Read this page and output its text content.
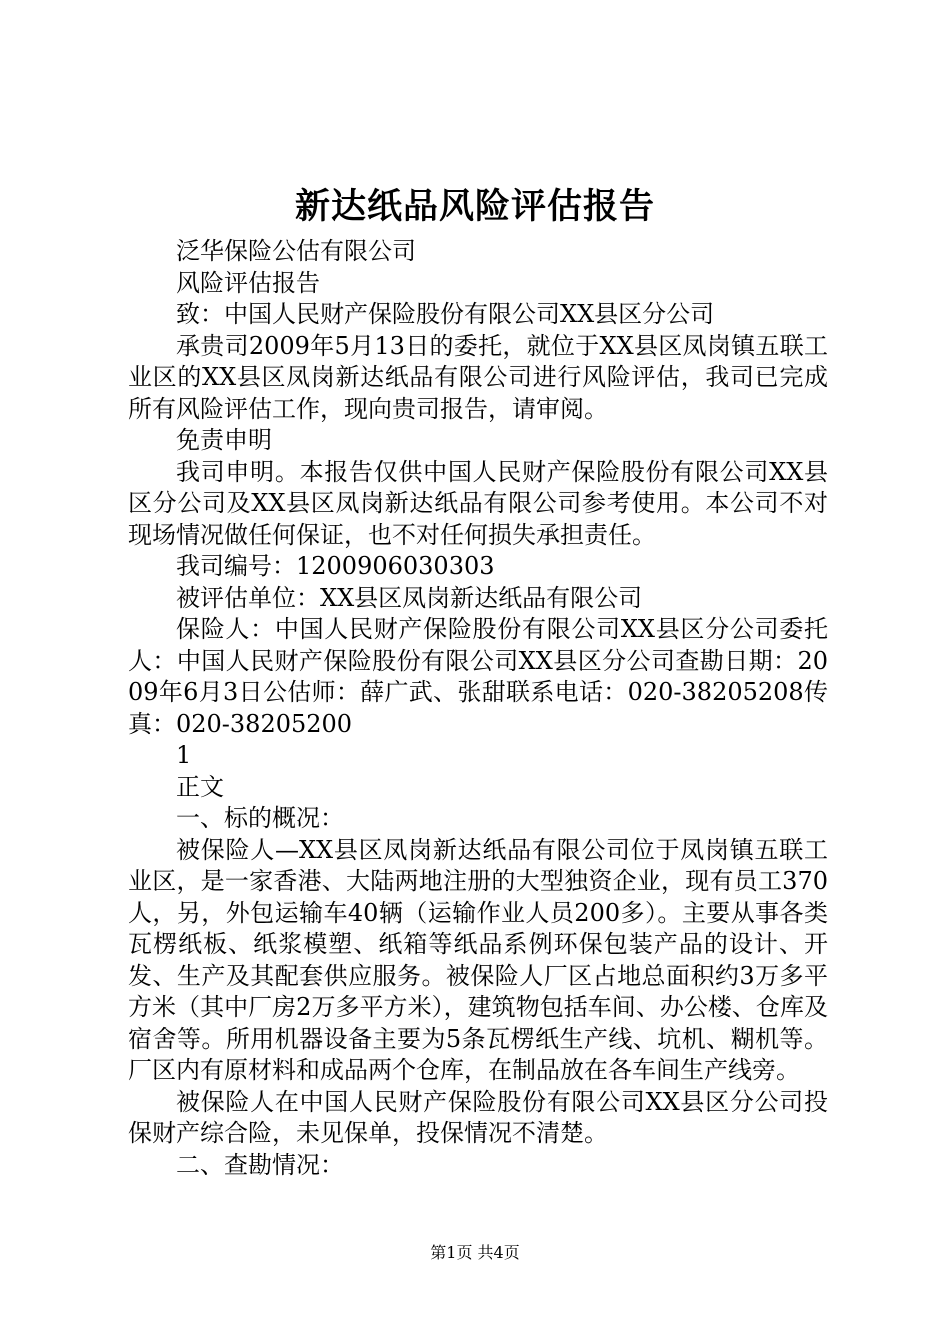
新达纸品风险评估报告

泛华保险公估有限公司

风险评估报告

致：中国人民财产保险股份有限公司XX县区分公司

承贵司2009年5月13日的委托，就位于XX县区凤岗镇五联工业区的XX县区凤岗新达纸品有限公司进行风险评估，我司已完成所有风险评估工作，现向贵司报告，请审阅。

免责申明

我司申明。本报告仅供中国人民财产保险股份有限公司XX县区分公司及XX县区凤岗新达纸品有限公司参考使用。本公司不对现场情况做任何保证，也不对任何损失承担责任。

我司编号：1200906030303

被评估单位：XX县区凤岗新达纸品有限公司

保险人：中国人民财产保险股份有限公司XX县区分公司委托人：中国人民财产保险股份有限公司XX县区分公司查勘日期：2009年6月3日公估师：薛广武、张甜联系电话：020-38205208传真：020-38205200

1

正文

一、标的概况：

被保险人—XX县区凤岗新达纸品有限公司位于凤岗镇五联工业区，是一家香港、大陆两地注册的大型独资企业，现有员工370人，另，外包运输车40辆（运输作业人员200多）。主要从事各类瓦楞纸板、纸浆模塑、纸箱等纸品系例环保包装产品的设计、开发、生产及其配套供应服务。被保险人厂区占地总面积约3万多平方米（其中厂房2万多平方米），建筑物包括车间、办公楼、仓库及宿舍等。所用机器设备主要为5条瓦楞纸生产线、坑机、糊机等。厂区内有原材料和成品两个仓库，在制品放在各车间生产线旁。

被保险人在中国人民财产保险股份有限公司XX县区分公司投保财产综合险，未见保单，投保情况不清楚。

二、查勘情况：

第1页 共4页
